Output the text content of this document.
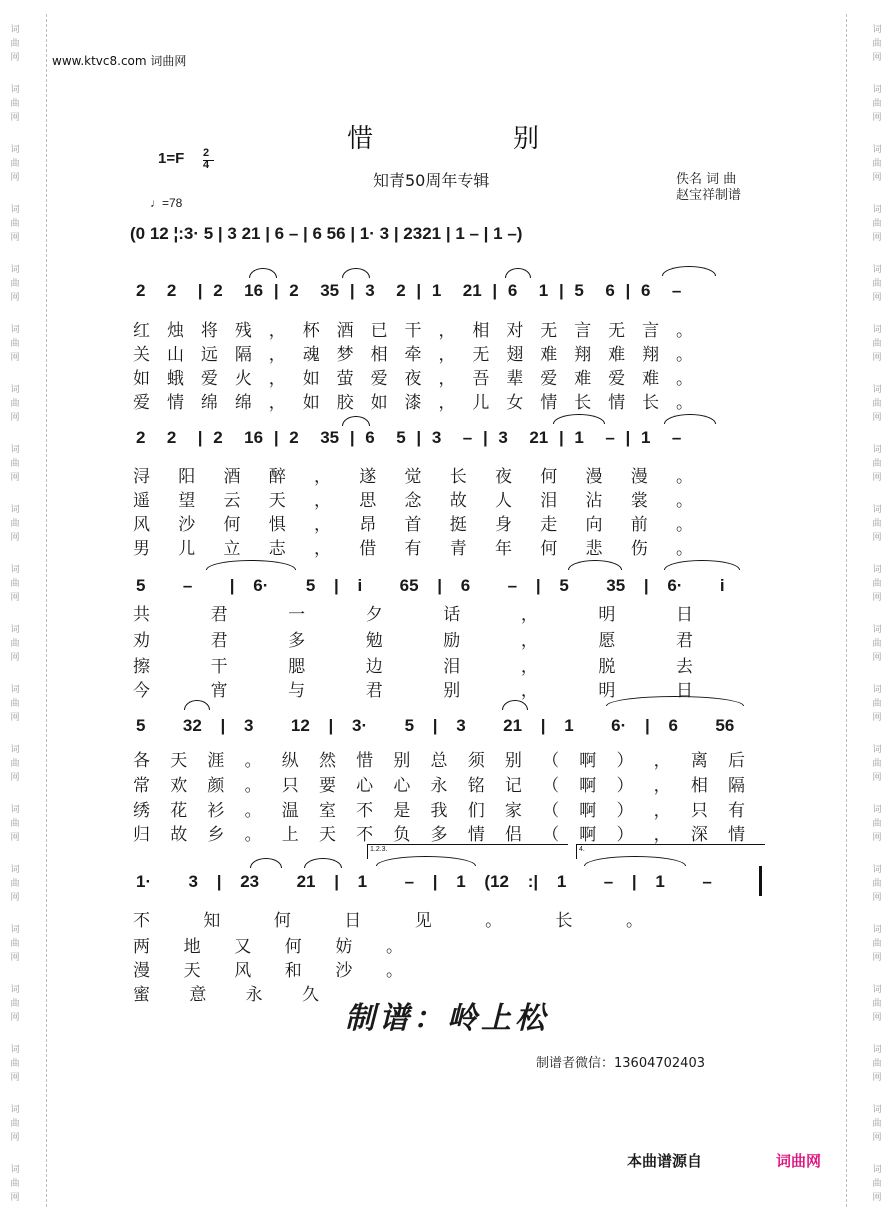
词
曲
网
词
曲
网
词
曲
网
词
曲
网
词
曲
网
词
曲
网
词
曲
网
词
曲
网
词
曲
网
词
曲
网
词
曲
网
词
曲
网
词
曲
网
词
曲
网
词
曲
网
词
曲
网
词
曲
网
词
曲
网
词
曲
网
词
曲
网
词
曲
网
词
曲
网
词
曲
网
词
曲
网
词
曲
网
词
曲
网
词
曲
网
词
曲
网
词
曲
网
词
曲
网
词
曲
网
词
曲
网
词
曲
网
词
曲
网
词
曲
网
词
曲
网
词
曲
网
词
曲
网
词
曲
网
词
曲
网
www.ktvc8.com 词曲网
惜别
1=F 2
4
♩=78
知青50周年专辑	佚名 词 曲
赵宝祥制谱
(0 12 ¦:3· 5 | 3 21 | 6 – | 6 56 | 1· 3 | 2321 | 1 – | 1 –)
2  2  | 2  16 | 2  35 | 3  2 | 1  21 | 6  1 | 5  6 | 6  –
红 烛 将 残 ， 杯 酒 已 干 ， 相 对 无 言 无 言 。
关 山 远 隔 ， 魂 梦 相 牵 ， 无 翅 难 翔 难 翔 。
如 蛾 爱 火 ， 如 萤 爱 夜 ， 吾 辈 爱 难 爱 难 。
爱 情 绵 绵 ， 如 胶 如 漆 ， 儿 女 情 长 情 长 。
2  2  | 2  16 | 2  35 | 6  5 | 3  – | 3  21 | 1  – | 1  –
浔 阳 酒 醉 ， 遂 觉 长 夜 何 漫 漫 。
遥 望 云 天 ， 思 念 故 人 泪 沾 裳 。
风 沙 何 惧 ， 昂 首 挺 身 走 向 前 。
男 儿 立 志 ， 借 有 青 年 何 悲 伤 。
5  –  | 6·  5 | i  65 | 6  – | 5  35 | 6·  i
共	君	一	夕	话	，	明	日
劝	君	多	勉	励	，	愿	君
擦	干	腮	边	泪	，	脱	去
今	宵	与	君	别	，	明	日
5  32 | 3  12 | 3·  5 | 3  21 | 1  6· | 6  56
各 天 涯 。 纵 然 惜 别 总 须 别 （ 啊 ） ， 离 后
常 欢 颜 。 只 要 心 心 永 铭 记 （ 啊 ） ， 相 隔
绣 花 衫 。 温 室 不 是 我 们 家 （ 啊 ） ， 只 有
归 故 乡 。 上 天 不 负 多 情 侣 （ 啊 ） ， 深 情
1.2.3.	4.
1·  3 | 23  21 | 1  – | 1 (12 :| 1  – | 1  –
不	知	何	日	见	。	长	。
两 地 又 何 妨 。
漫 天 风 和 沙 。
蜜 意 永 久
制谱：岭上松
制谱者微信：13604702403
本曲谱源自	词曲网
